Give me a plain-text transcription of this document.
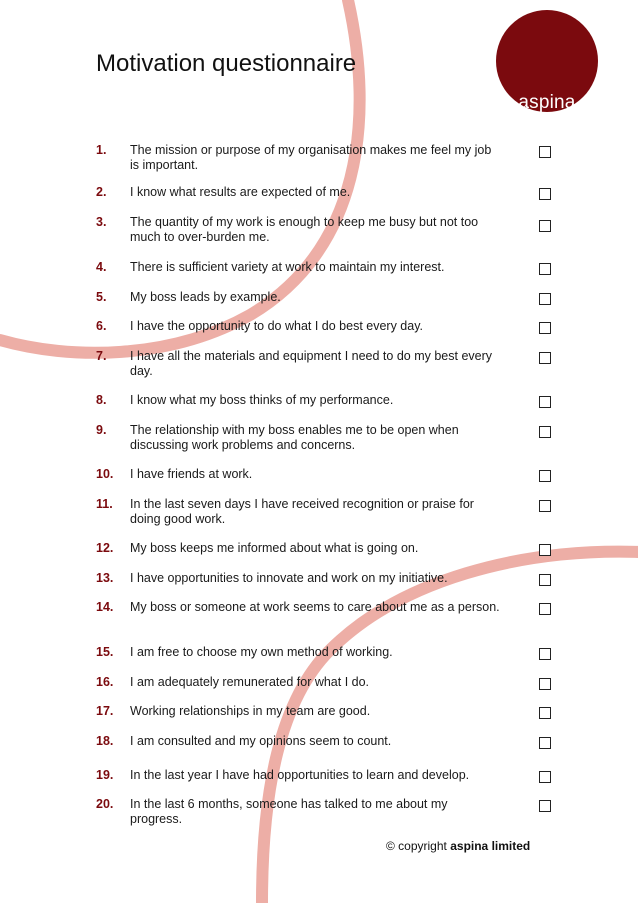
aspina
Motivation questionnaire
1.	The mission or purpose of my organisation makes me feel my job is important.
2.	I know what results are expected of me.
3.	The quantity of my work is enough to keep me busy but not too much to over-burden me.
4.	There is sufficient variety at work to maintain my interest.
5.	My boss leads by example.
6.	I have the opportunity to do what I do best every day.
7.	I have all the materials and equipment I need to do my best every day.
8.	I know what my boss thinks of my performance.
9.	The relationship with my boss enables me to be open when discussing work problems and concerns.
10.	I have friends at work.
11.	In the last seven days I have received recognition or praise for doing good work.
12.	My boss keeps me informed about what is going on.
13.	I have opportunities to innovate and work on my initiative.
14.	My boss or someone at work seems to care about me as a person.
15.	I am free to choose my own method of working.
16.	I am adequately remunerated for what I do.
17.	Working relationships in my team are good.
18.	I am consulted and my opinions seem to count.
19.	In the last year I have had opportunities to learn and develop.
20.	In the last 6 months, someone has talked to me about my progress.
© copyright aspina limited
